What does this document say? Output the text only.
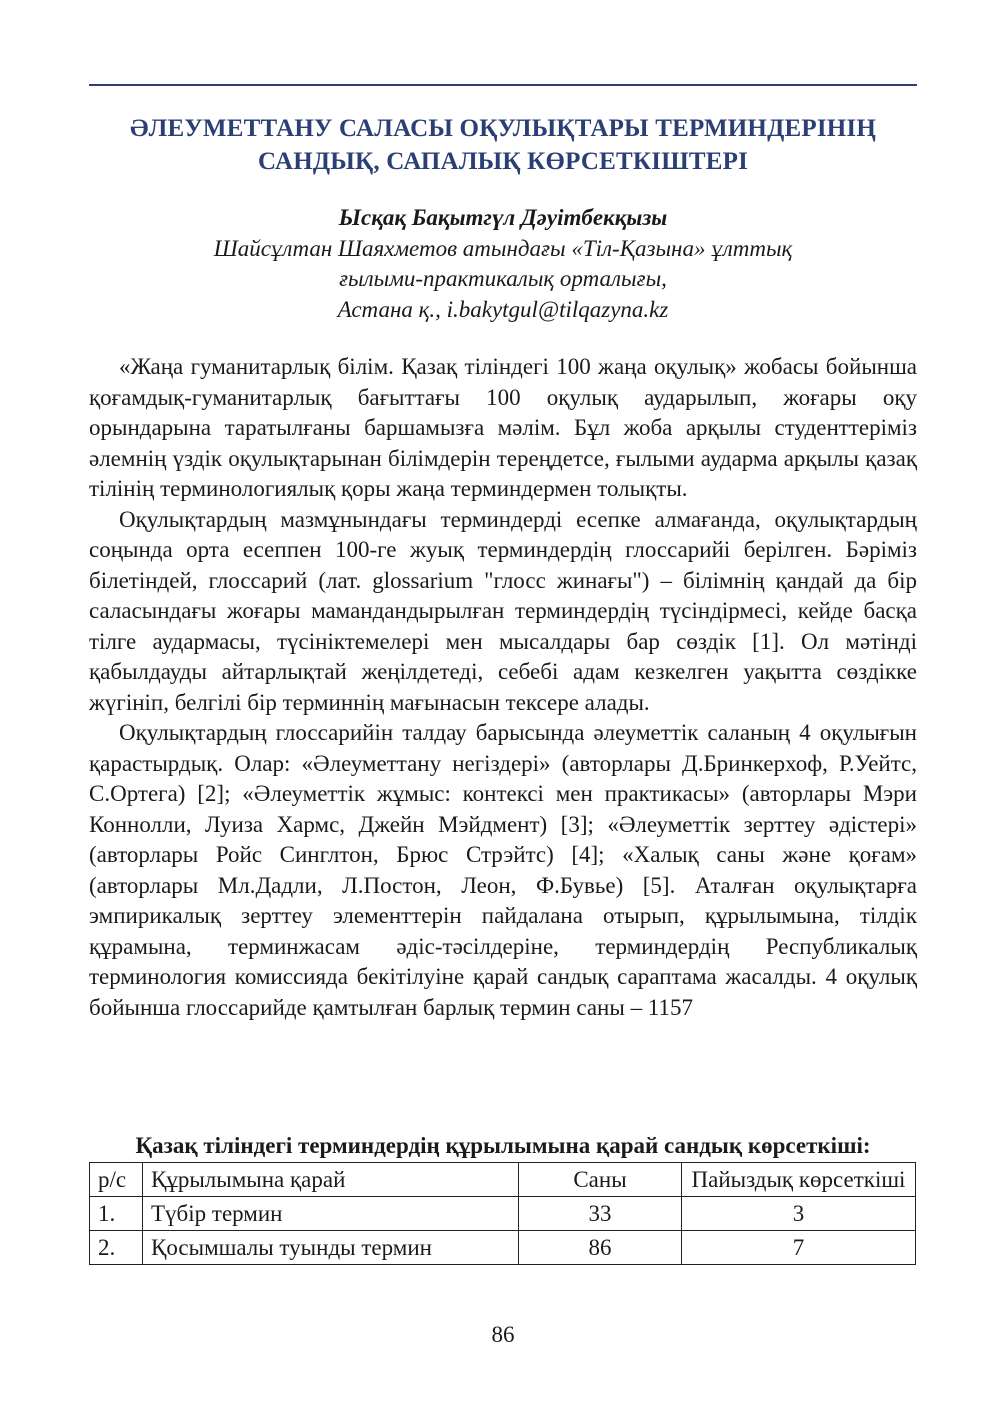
ӘЛЕУМЕТТАНУ САЛАСЫ ОҚУЛЫҚТАРЫ ТЕРМИНДЕРІНІҢ
САНДЫҚ, САПАЛЫҚ КӨРСЕТКІШТЕРІ
Ысқақ Бақытгүл Дәуітбекқызы
Шайсұлтан Шаяхметов атындағы «Тіл-Қазына» ұлттық
ғылыми-практикалық орталығы,
Астана қ., i.bakytgul@tilqazyna.kz

«Жаңа гуманитарлық білім. Қазақ тіліндегі 100 жаңа оқулық» жобасы бойынша қоғамдық-гуманитарлық бағыттағы 100 оқулық аударылып, жоғары оқу орындарына таратылғаны баршамызға мәлім. Бұл жоба арқылы студенттеріміз әлемнің үздік оқулықтарынан білімдерін тереңдетсе, ғылыми аударма арқылы қазақ тілінің терминологиялық қоры жаңа терминдермен толықты.

Оқулықтардың мазмұнындағы терминдерді есепке алмағанда, оқулықтардың соңында орта есеппен 100-ге жуық терминдердің глоссарийі берілген. Бәріміз білетіндей, глоссарий (лат. glossarium "глосс жинағы") – білімнің қандай да бір саласындағы жоғары мамандандырылған терминдердің түсіндірмесі, кейде басқа тілге аудармасы, түсініктемелері мен мысалдары бар сөздік [1]. Ол мәтінді қабылдауды айтарлықтай жеңілдетеді, себебі адам кезкелген уақытта сөздікке жүгініп, белгілі бір терминнің мағынасын тексере алады.

Оқулықтардың глоссарийін талдау барысында әлеуметтік саланың 4 оқулығын қарастырдық. Олар: «Әлеуметтану негіздері» (авторлары Д.Бринкерхоф, Р.Уейтс, С.Ортега) [2]; «Әлеуметтік жұмыс: контексі мен практикасы» (авторлары Мэри Коннолли, Луиза Хармс, Джейн Мэйдмент) [3]; «Әлеуметтік зерттеу әдістері» (авторлары Ройс Синглтон, Брюс Стрэйтс) [4]; «Халық саны және қоғам» (авторлары Мл.Дадли, Л.Постон, Леон, Ф.Бувье) [5]. Аталған оқулықтарға эмпирикалық зерттеу элементтерін пайдалана отырып, құрылымына, тілдік құрамына, терминжасам әдіс-тәсілдеріне, терминдердің Республикалық терминология комиссияда бекітілуіне қарай сандық сараптама жасалды. 4 оқулық бойынша глоссарийде қамтылған барлық термин саны – 1157

Қазақ тіліндегі терминдердің құрылымына қарай сандық көрсеткіші:
р/с	Құрылымына қарай	Саны	Пайыздық көрсеткіші
1.	Түбір термин	33	3
2.	Қосымшалы туынды термин	86	7
86
